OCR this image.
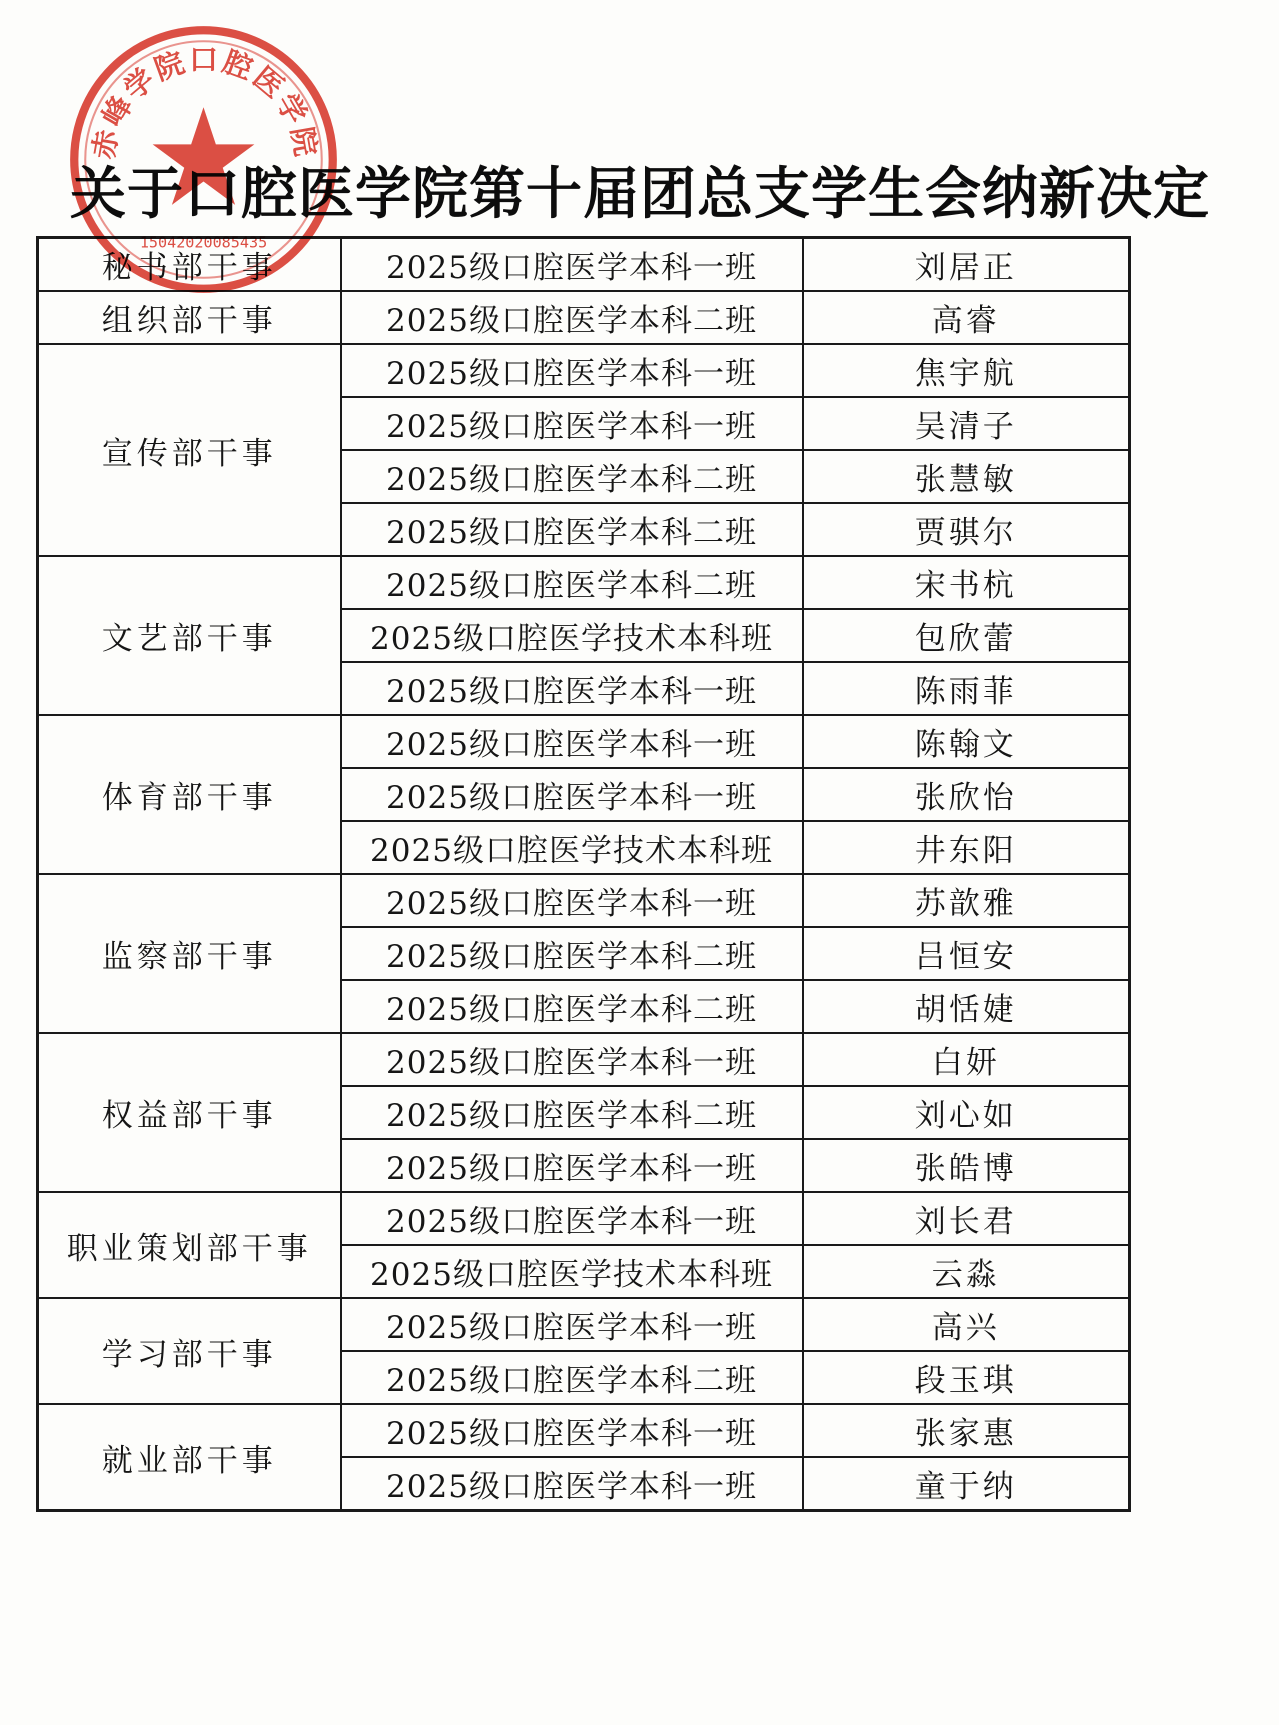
关于口腔医学院第十届团总支学生会纳新决定
赤峰学院口腔医学院
15042020085435
秘书部干事	2025级口腔医学本科一班	刘居正
组织部干事	2025级口腔医学本科二班	高睿
宣传部干事	2025级口腔医学本科一班	焦宇航
	2025级口腔医学本科一班	吴清子
	2025级口腔医学本科二班	张慧敏
	2025级口腔医学本科二班	贾骐尔
文艺部干事	2025级口腔医学本科二班	宋书杭
	2025级口腔医学技术本科班	包欣蕾
	2025级口腔医学本科一班	陈雨菲
体育部干事	2025级口腔医学本科一班	陈翰文
	2025级口腔医学本科一班	张欣怡
	2025级口腔医学技术本科班	井东阳
监察部干事	2025级口腔医学本科一班	苏歆雅
	2025级口腔医学本科二班	吕恒安
	2025级口腔医学本科二班	胡恬婕
权益部干事	2025级口腔医学本科一班	白妍
	2025级口腔医学本科二班	刘心如
	2025级口腔医学本科一班	张皓博
职业策划部干事	2025级口腔医学本科一班	刘长君
	2025级口腔医学技术本科班	云淼
学习部干事	2025级口腔医学本科一班	高兴
	2025级口腔医学本科二班	段玉琪
就业部干事	2025级口腔医学本科一班	张家惠
	2025级口腔医学本科一班	童于纳
